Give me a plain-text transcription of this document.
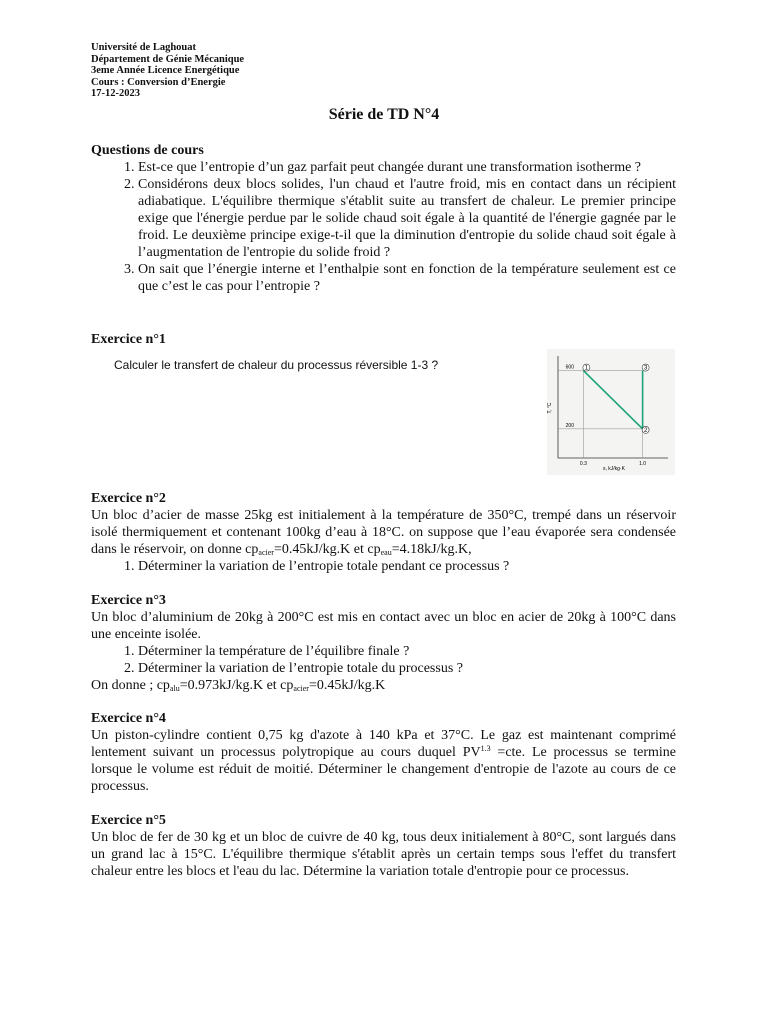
Université de Laghouat
Département de Génie Mécanique
3eme Année Licence Energétique
Cours : Conversion d’Energie
17-12-2023
Série de TD N°4

Questions de cours

1. Est-ce que l’entropie d’un gaz parfait peut changée durant une transformation isotherme ?
2. Considérons deux blocs solides, l'un chaud et l'autre froid, mis en contact dans un récipient adiabatique. L'équilibre thermique s'établit suite au transfert de chaleur. Le premier principe exige que l'énergie perdue par le solide chaud soit égale à la quantité de l'énergie gagnée par le froid. Le deuxième principe exige-t-il que la diminution d'entropie du solide chaud soit égale à l’augmentation de l'entropie du solide froid ?
3. On sait que l’énergie interne et l’enthalpie sont en fonction de la température seulement est ce que c’est le cas pour l’entropie ?

Exercice n°1

Calculer le transfert de chaleur du processus réversible 1-3 ?	1
2
3
600
200
0.3	1.0
T, °C
s, kJ/kg·K

Exercice n°2

Un bloc d’acier de masse 25kg est initialement à la température de 350°C, trempé dans un réservoir isolé thermiquement et contenant 100kg d’eau à 18°C. on suppose que l’eau évaporée sera condensée dans le réservoir, on donne $cp_{acier}=0.45kJ/kg.K$ et $cp_{eau}=4.18kJ/kg.K$,

1. Déterminer la variation de l’entropie totale pendant ce processus ?

Exercice n°3

Un bloc d’aluminium de 20kg à 200°C est mis en contact avec un bloc en acier de 20kg à 100°C dans une enceinte isolée.

1. Déterminer la température de l’équilibre finale ?
2. Déterminer la variation de l’entropie totale du processus ?

On donne ; $cp_{alu}=0.973kJ/kg.K$ et $cp_{acier}=0.45kJ/kg.K$

Exercice n°4

Un piston-cylindre contient 0,75 kg d'azote à 140 kPa et 37°C. Le gaz est maintenant comprimé lentement suivant un processus polytropique au cours duquel $PV^{1.3} =cte$. Le processus se termine lorsque le volume est réduit de moitié. Déterminer le changement d'entropie de l'azote au cours de ce processus.

Exercice n°5

Un bloc de fer de 30 kg et un bloc de cuivre de 40 kg, tous deux initialement à 80°C, sont largués dans un grand lac à 15°C. L'équilibre thermique s'établit après un certain temps sous l'effet du transfert chaleur entre les blocs et l'eau du lac. Détermine la variation totale d'entropie pour ce processus.
